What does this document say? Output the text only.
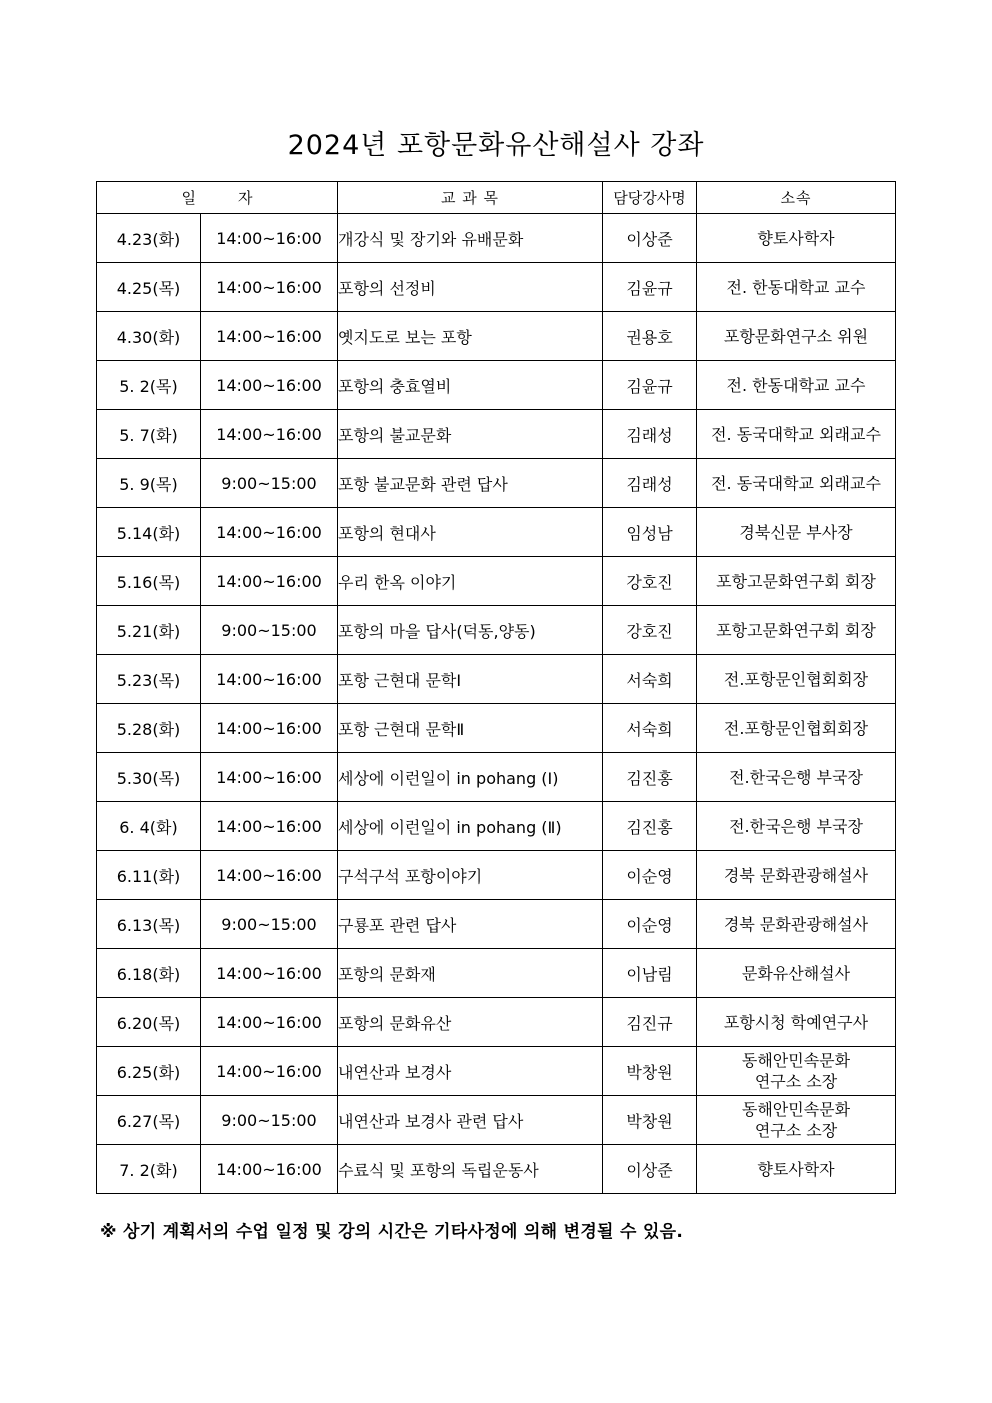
2024년 포항문화유산해설사 강좌
일 자		교 과 목	담당강사명	소속
4.23(화)	14:00~16:00	개강식 및 장기와 유배문화	이상준	향토사학자

4.25(목)	14:00~16:00	포항의 선정비	김윤규	전. 한동대학교 교수

4.30(화)	14:00~16:00	옛지도로 보는 포항	권용호	포항문화연구소 위원

5. 2(목)	14:00~16:00	포항의 충효열비	김윤규	전. 한동대학교 교수

5. 7(화)	14:00~16:00	포항의 불교문화	김래성	전. 동국대학교 외래교수

5. 9(목)	9:00~15:00	포항 불교문화 관련 답사	김래성	전. 동국대학교 외래교수

5.14(화)	14:00~16:00	포항의 현대사	임성남	경북신문 부사장

5.16(목)	14:00~16:00	우리 한옥 이야기	강호진	포항고문화연구회 회장

5.21(화)	9:00~15:00	포항의 마을 답사(덕동,양동)	강호진	포항고문화연구회 회장

5.23(목)	14:00~16:00	포항 근현대 문학Ⅰ	서숙희	전.포항문인협회회장

5.28(화)	14:00~16:00	포항 근현대 문학Ⅱ	서숙희	전.포항문인협회회장

5.30(목)	14:00~16:00	세상에 이런일이 in pohang (Ⅰ)	김진홍	전.한국은행 부국장

6. 4(화)	14:00~16:00	세상에 이런일이 in pohang (Ⅱ)	김진홍	전.한국은행 부국장

6.11(화)	14:00~16:00	구석구석 포항이야기	이순영	경북 문화관광해설사

6.13(목)	9:00~15:00	구룡포 관련 답사	이순영	경북 문화관광해설사

6.18(화)	14:00~16:00	포항의 문화재	이남림	문화유산해설사

6.20(목)	14:00~16:00	포항의 문화유산	김진규	포항시청 학예연구사

6.25(화)	14:00~16:00	내연산과 보경사	박창원	동해안민속문화
연구소 소장

6.27(목)	9:00~15:00	내연산과 보경사 관련 답사	박창원	동해안민속문화
연구소 소장

7. 2(화)	14:00~16:00	수료식 및 포항의 독립운동사	이상준	향토사학자
※ 상기 계획서의 수업 일정 및 강의 시간은 기타사정에 의해 변경될 수 있음.
